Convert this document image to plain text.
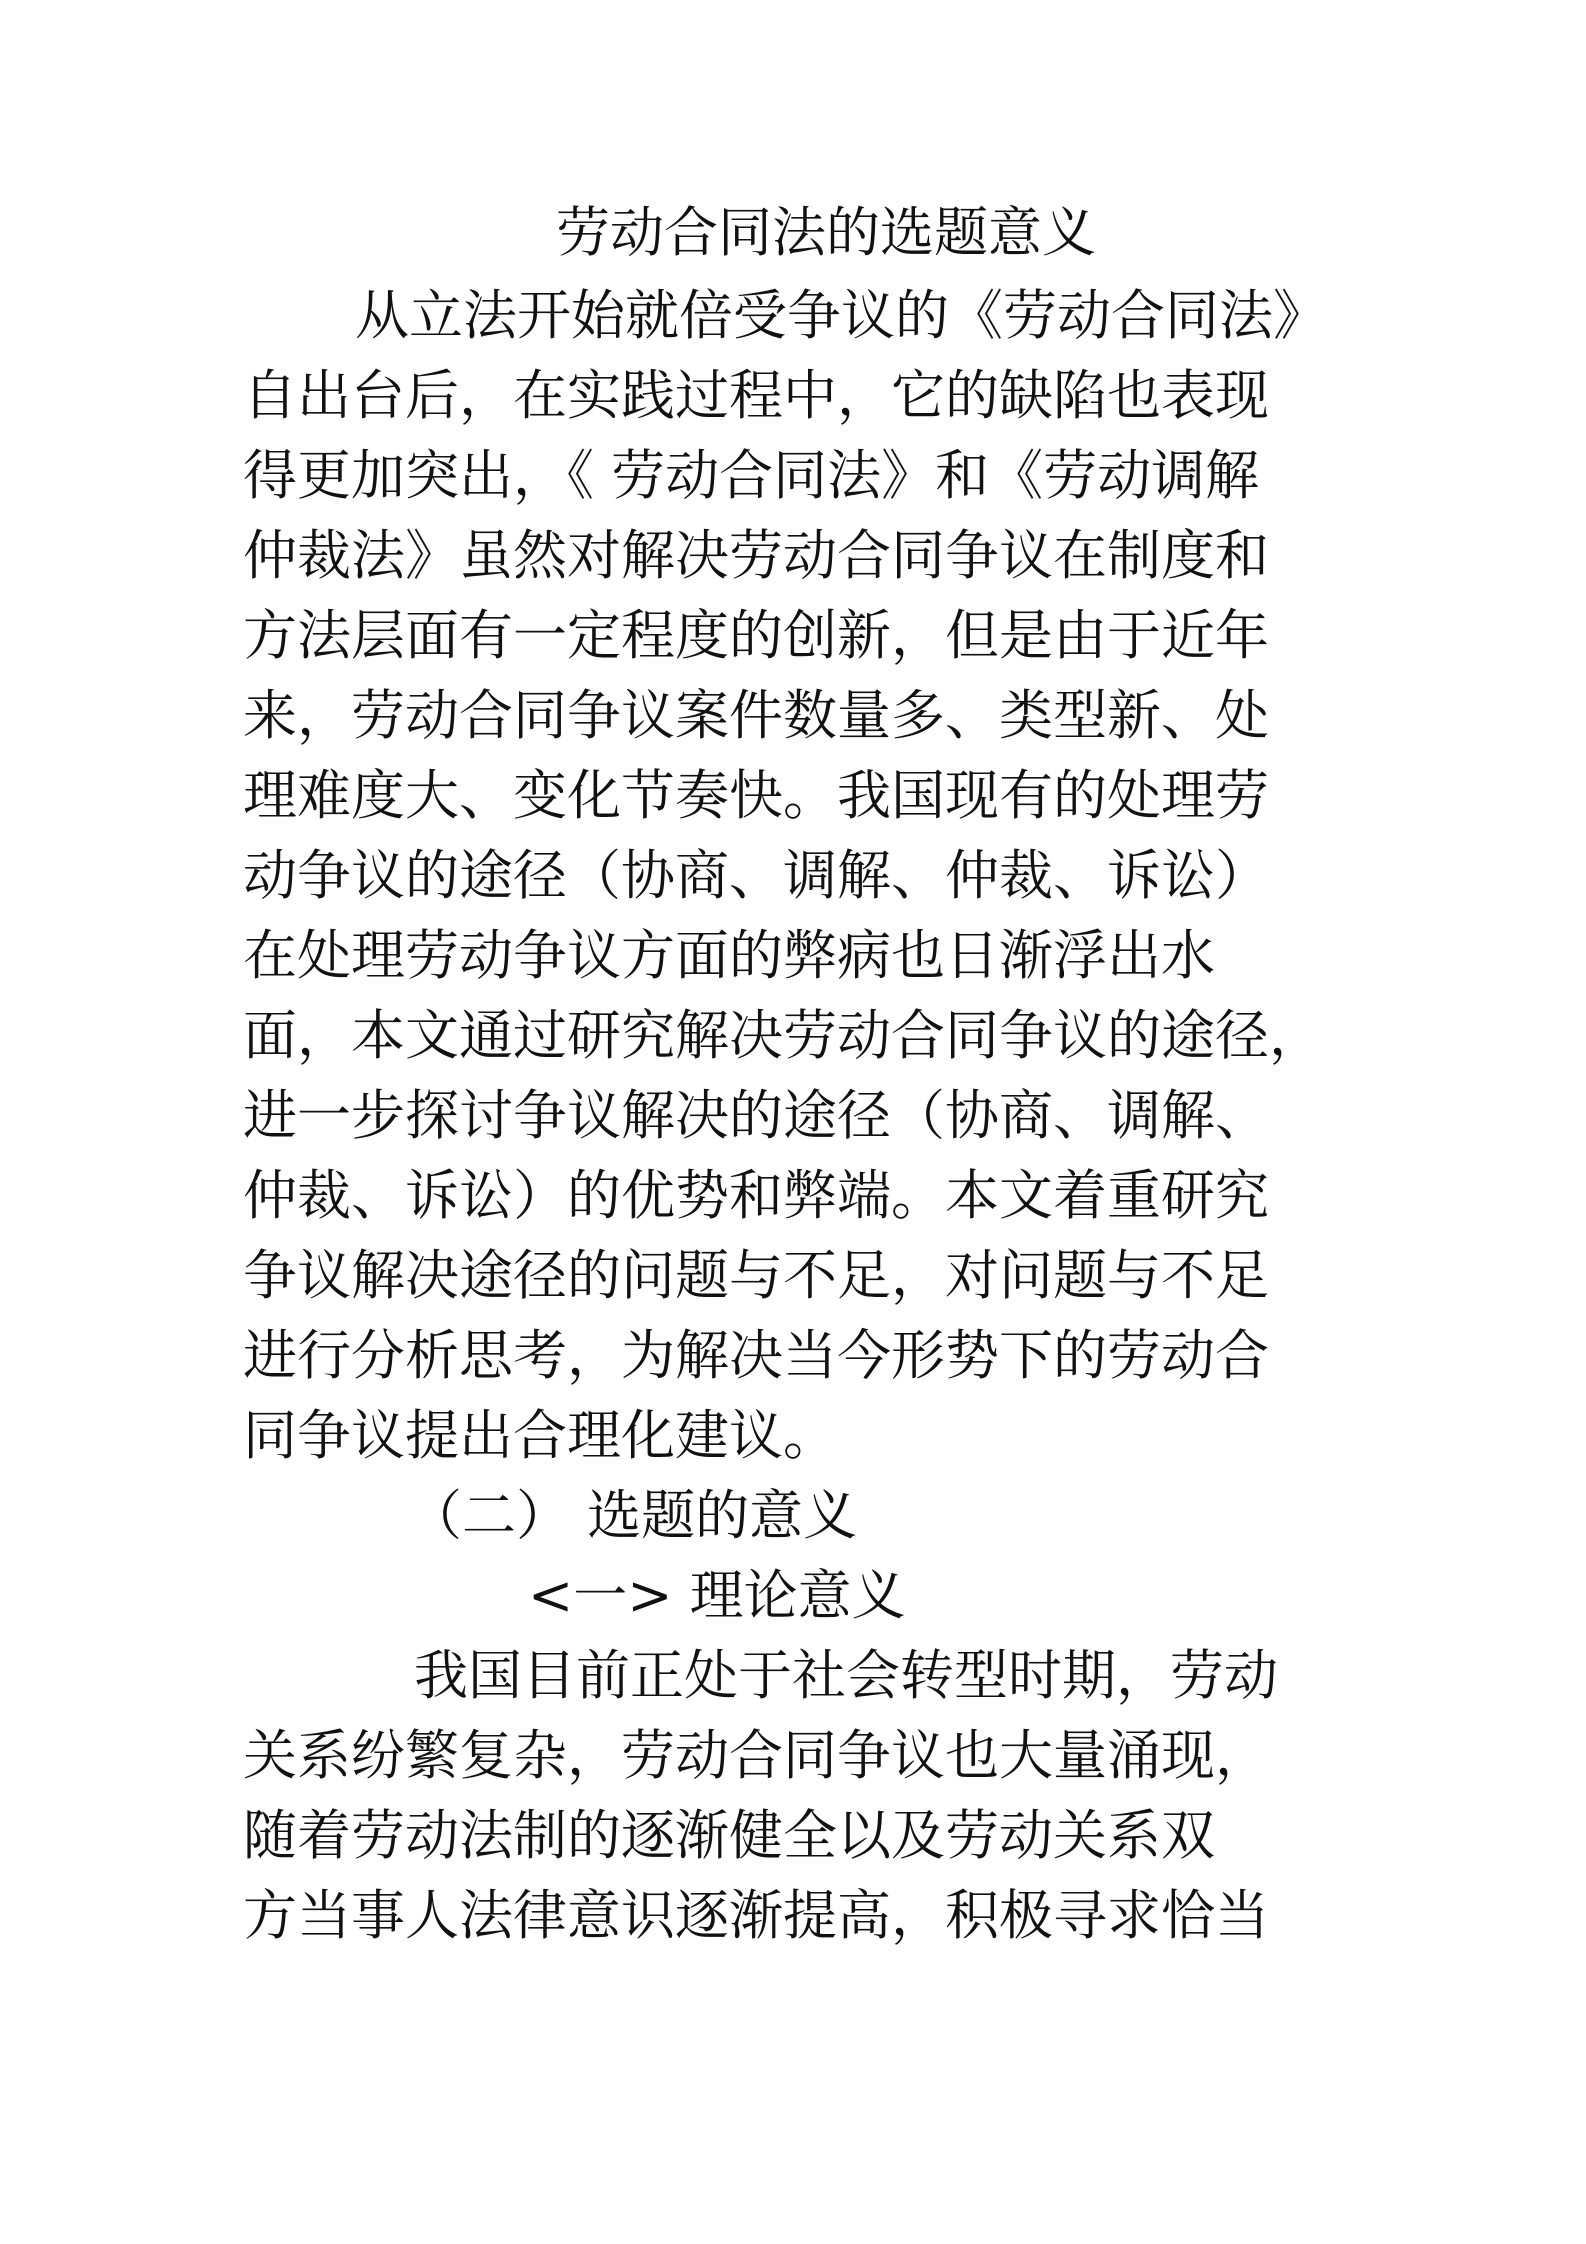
劳动合同法的选题意义
从立法开始就倍受争议的《劳动合同法》
自出台后，在实践过程中，它的缺陷也表现
得更加突出，《 劳动合同法》和《劳动调解
仲裁法》虽然对解决劳动合同争议在制度和
方法层面有一定程度的创新，但是由于近年
来，劳动合同争议案件数量多、类型新、处
理难度大、变化节奏快。我国现有的处理劳
动争议的途径（协商、调解、仲裁、诉讼）
在处理劳动争议方面的弊病也日渐浮出水
面，本文通过研究解决劳动合同争议的途径，
进一步探讨争议解决的途径（协商、调解、
仲裁、诉讼）的优势和弊端。本文着重研究
争议解决途径的问题与不足，对问题与不足
进行分析思考，为解决当今形势下的劳动合
同争议提出合理化建议。
（二） 选题的意义
<一> 理论意义
我国目前正处于社会转型时期，劳动
关系纷繁复杂，劳动合同争议也大量涌现，
随着劳动法制的逐渐健全以及劳动关系双
方当事人法律意识逐渐提高，积极寻求恰当
